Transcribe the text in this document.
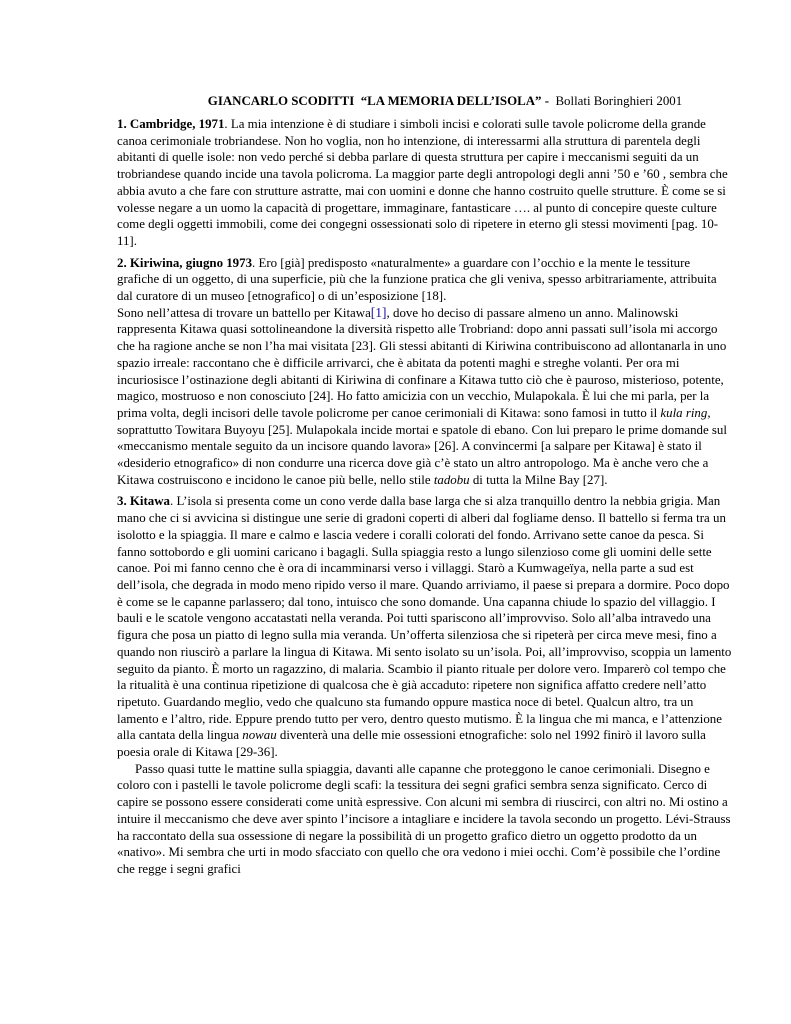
GIANCARLO SCODITTI “LA MEMORIA DELL’ISOLA” - Bollati Boringhieri 2001

1. Cambridge, 1971. La mia intenzione è di studiare i simboli incisi e colorati sulle tavole policrome della grande canoa cerimoniale trobriandese. Non ho voglia, non ho intenzione, di interessarmi alla struttura di parentela degli abitanti di quelle isole: non vedo perché si debba parlare di questa struttura per capire i meccanismi seguiti da un trobriandese quando incide una tavola policroma. La maggior parte degli antropologi degli anni ’50 e ’60 , sembra che abbia avuto a che fare con strutture astratte, mai con uomini e donne che hanno costruito quelle strutture. È come se si volesse negare a un uomo la capacità di progettare, immaginare, fantasticare …. al punto di concepire queste culture come degli oggetti immobili, come dei congegni ossessionati solo di ripetere in eterno gli stessi movimenti [pag. 10-11].

2. Kiriwina, giugno 1973. Ero [già] predisposto «naturalmente» a guardare con l’occhio e la mente le tessiture grafiche di un oggetto, di una superficie, più che la funzione pratica che gli veniva, spesso arbitrariamente, attribuita dal curatore di un museo [etnografico] o di un’esposizione [18].

Sono nell’attesa di trovare un battello per Kitawa[1], dove ho deciso di passare almeno un anno. Malinowski rappresenta Kitawa quasi sottolineandone la diversità rispetto alle Trobriand: dopo anni passati sull’isola mi accorgo che ha ragione anche se non l’ha mai visitata [23]. Gli stessi abitanti di Kiriwina contribuiscono ad allontanarla in uno spazio irreale: raccontano che è difficile arrivarci, che è abitata da potenti maghi e streghe volanti. Per ora mi incuriosisce l’ostinazione degli abitanti di Kiriwina di confinare a Kitawa tutto ciò che è pauroso, misterioso, potente, magico, mostruoso e non conosciuto [24]. Ho fatto amicizia con un vecchio, Mulapokala. È lui che mi parla, per la prima volta, degli incisori delle tavole policrome per canoe cerimoniali di Kitawa: sono famosi in tutto il kula ring, soprattutto Towitara Buyoyu [25]. Mulapokala incide mortai e spatole di ebano. Con lui preparo le prime domande sul «meccanismo mentale seguito da un incisore quando lavora» [26]. A convincermi [a salpare per Kitawa] è stato il «desiderio etnografico» di non condurre una ricerca dove già c’è stato un altro antropologo. Ma è anche vero che a Kitawa costruiscono e incidono le canoe più belle, nello stile tadobu di tutta la Milne Bay [27].

3. Kitawa. L’isola si presenta come un cono verde dalla base larga che si alza tranquillo dentro la nebbia grigia. Man mano che ci si avvicina si distingue une serie di gradoni coperti di alberi dal fogliame denso. Il battello si ferma tra un isolotto e la spiaggia. Il mare e calmo e lascia vedere i coralli colorati del fondo. Arrivano sette canoe da pesca. Si fanno sottobordo e gli uomini caricano i bagagli. Sulla spiaggia resto a lungo silenzioso come gli uomini delle sette canoe. Poi mi fanno cenno che è ora di incamminarsi verso i villaggi. Starò a Kumwageïya, nella parte a sud est dell’isola, che degrada in modo meno ripido verso il mare. Quando arriviamo, il paese si prepara a dormire. Poco dopo è come se le capanne parlassero; dal tono, intuisco che sono domande. Una capanna chiude lo spazio del villaggio. I bauli e le scatole vengono accatastati nella veranda. Poi tutti spariscono all’improvviso. Solo all’alba intravedo una figura che posa un piatto di legno sulla mia veranda. Un’offerta silenziosa che si ripeterà per circa meve mesi, fino a quando non riuscirò a parlare la lingua di Kitawa. Mi sento isolato su un’isola. Poi, all’improvviso, scoppia un lamento seguito da pianto. È morto un ragazzino, di malaria. Scambio il pianto rituale per dolore vero. Imparerò col tempo che la ritualità è una continua ripetizione di qualcosa che è già accaduto: ripetere non significa affatto credere nell’atto ripetuto. Guardando meglio, vedo che qualcuno sta fumando oppure mastica noce di betel. Qualcun altro, tra un lamento e l’altro, ride. Eppure prendo tutto per vero, dentro questo mutismo. È la lingua che mi manca, e l’attenzione alla cantata della lingua nowau diventerà una delle mie ossessioni etnografiche: solo nel 1992 finirò il lavoro sulla poesia orale di Kitawa [29-36].

Passo quasi tutte le mattine sulla spiaggia, davanti alle capanne che proteggono le canoe cerimoniali. Disegno e coloro con i pastelli le tavole policrome degli scafi: la tessitura dei segni grafici sembra senza significato. Cerco di capire se possono essere considerati come unità espressive. Con alcuni mi sembra di riuscirci, con altri no. Mi ostino a intuire il meccanismo che deve aver spinto l’incisore a intagliare e incidere la tavola secondo un progetto. Lévi-Strauss ha raccontato della sua ossessione di negare la possibilità di un progetto grafico dietro un oggetto prodotto da un «nativo». Mi sembra che urti in modo sfacciato con quello che ora vedono i miei occhi. Com’è possibile che l’ordine che regge i segni grafici
